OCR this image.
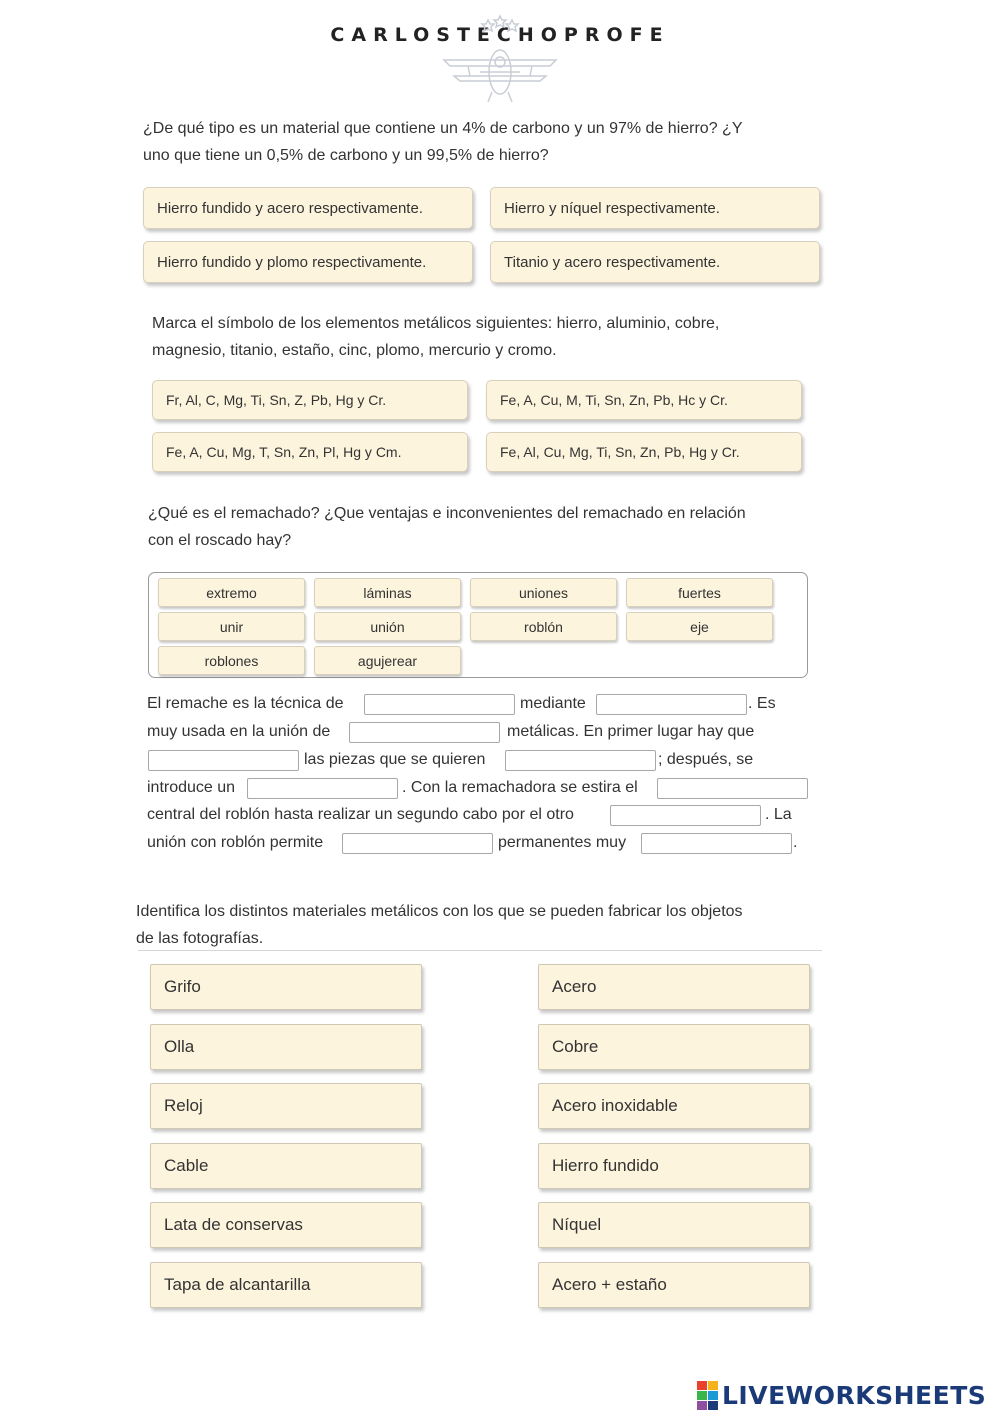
CARLOSTECHOPROFE
¿De qué tipo es un material que contiene un 4% de carbono y un 97% de hierro? ¿Y
uno que tiene un 0,5% de carbono y un 99,5% de hierro?
Hierro fundido y acero respectivamente.	Hierro y níquel respectivamente.
Hierro fundido y plomo respectivamente.	Titanio y acero respectivamente.
Marca el símbolo de los elementos metálicos siguientes: hierro, aluminio, cobre,
magnesio, titanio, estaño, cinc, plomo, mercurio y cromo.
Fr, Al, C, Mg, Ti, Sn, Z, Pb, Hg y Cr.	Fe, A, Cu, M, Ti, Sn, Zn, Pb, Hc y Cr.
Fe, A, Cu, Mg, T, Sn, Zn, Pl, Hg y Cm.	Fe, Al, Cu, Mg, Ti, Sn, Zn, Pb, Hg y Cr.
¿Qué es el remachado? ¿Que ventajas e inconvenientes del remachado en relación
con el roscado hay?
extremo	láminas	uniones	fuertes
unir	unión	roblón	eje
roblones	agujerear
El remache es la técnica de	mediante	. Es
muy usada en la unión de	metálicas. En primer lugar hay que
las piezas que se quieren	; después, se
introduce un	. Con la remachadora se estira el
central del roblón hasta realizar un segundo cabo por el otro	. La
unión con roblón permite	permanentes muy	.
Identifica los distintos materiales metálicos con los que se pueden fabricar los objetos
de las fotografías.
Grifo
Olla
Reloj
Cable
Lata de conservas
Tapa de alcantarilla
Acero
Cobre
Acero inoxidable
Hierro fundido
Níquel
Acero + estaño
LIVEWORKSHEETS
